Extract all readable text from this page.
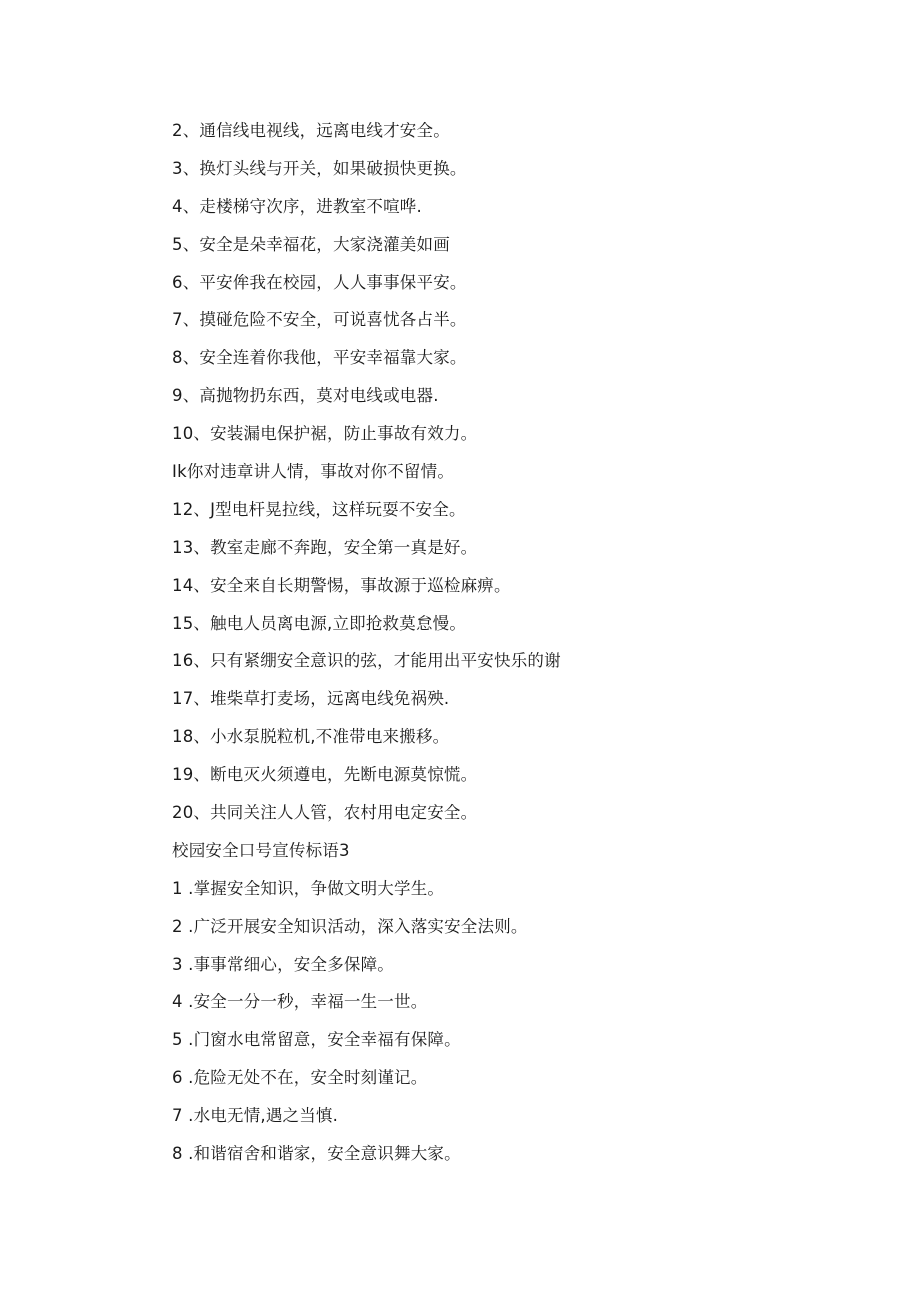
2、通信线电视线，远离电线才安全。
3、换灯头线与开关，如果破损快更换。
4、走楼梯守次序，进教室不喧哗.
5、安全是朵幸福花，大家浇灌美如画
6、平安侔我在校园，人人事事保平安。
7、摸碰危险不安全，可说喜忧各占半。
8、安全连着你我他，平安幸福靠大家。
9、高抛物扔东西，莫对电线或电器.
10、安装漏电保护裾，防止事故有效力。
Ik你对违章讲人情，事故对你不留情。
12、J型电杆晃拉线，这样玩耍不安全。
13、教室走廊不奔跑，安全第一真是好。
14、安全来自长期警惕，事故源于巡检麻痹。
15、触电人员离电源,立即抢救莫怠慢。
16、只有紧绷安全意识的弦，才能用出平安快乐的谢
17、堆柴草打麦场，远离电线免祸殃.
18、小水泵脱粒机,不准带电来搬移。
19、断电灭火须遵电，先断电源莫惊慌。
20、共同关注人人管，农村用电定安全。
校园安全口号宣传标语3
1 .掌握安全知识，争做文明大学生。
2 .广泛开展安全知识活动，深入落实安全法则。
3 .事事常细心，安全多保障。
4 .安全一分一秒，幸福一生一世。
5 .门窗水电常留意，安全幸福有保障。
6 .危险无处不在，安全时刻谨记。
7 .水电无情,遇之当慎.
8 .和谐宿舍和谐家，安全意识舞大家。
